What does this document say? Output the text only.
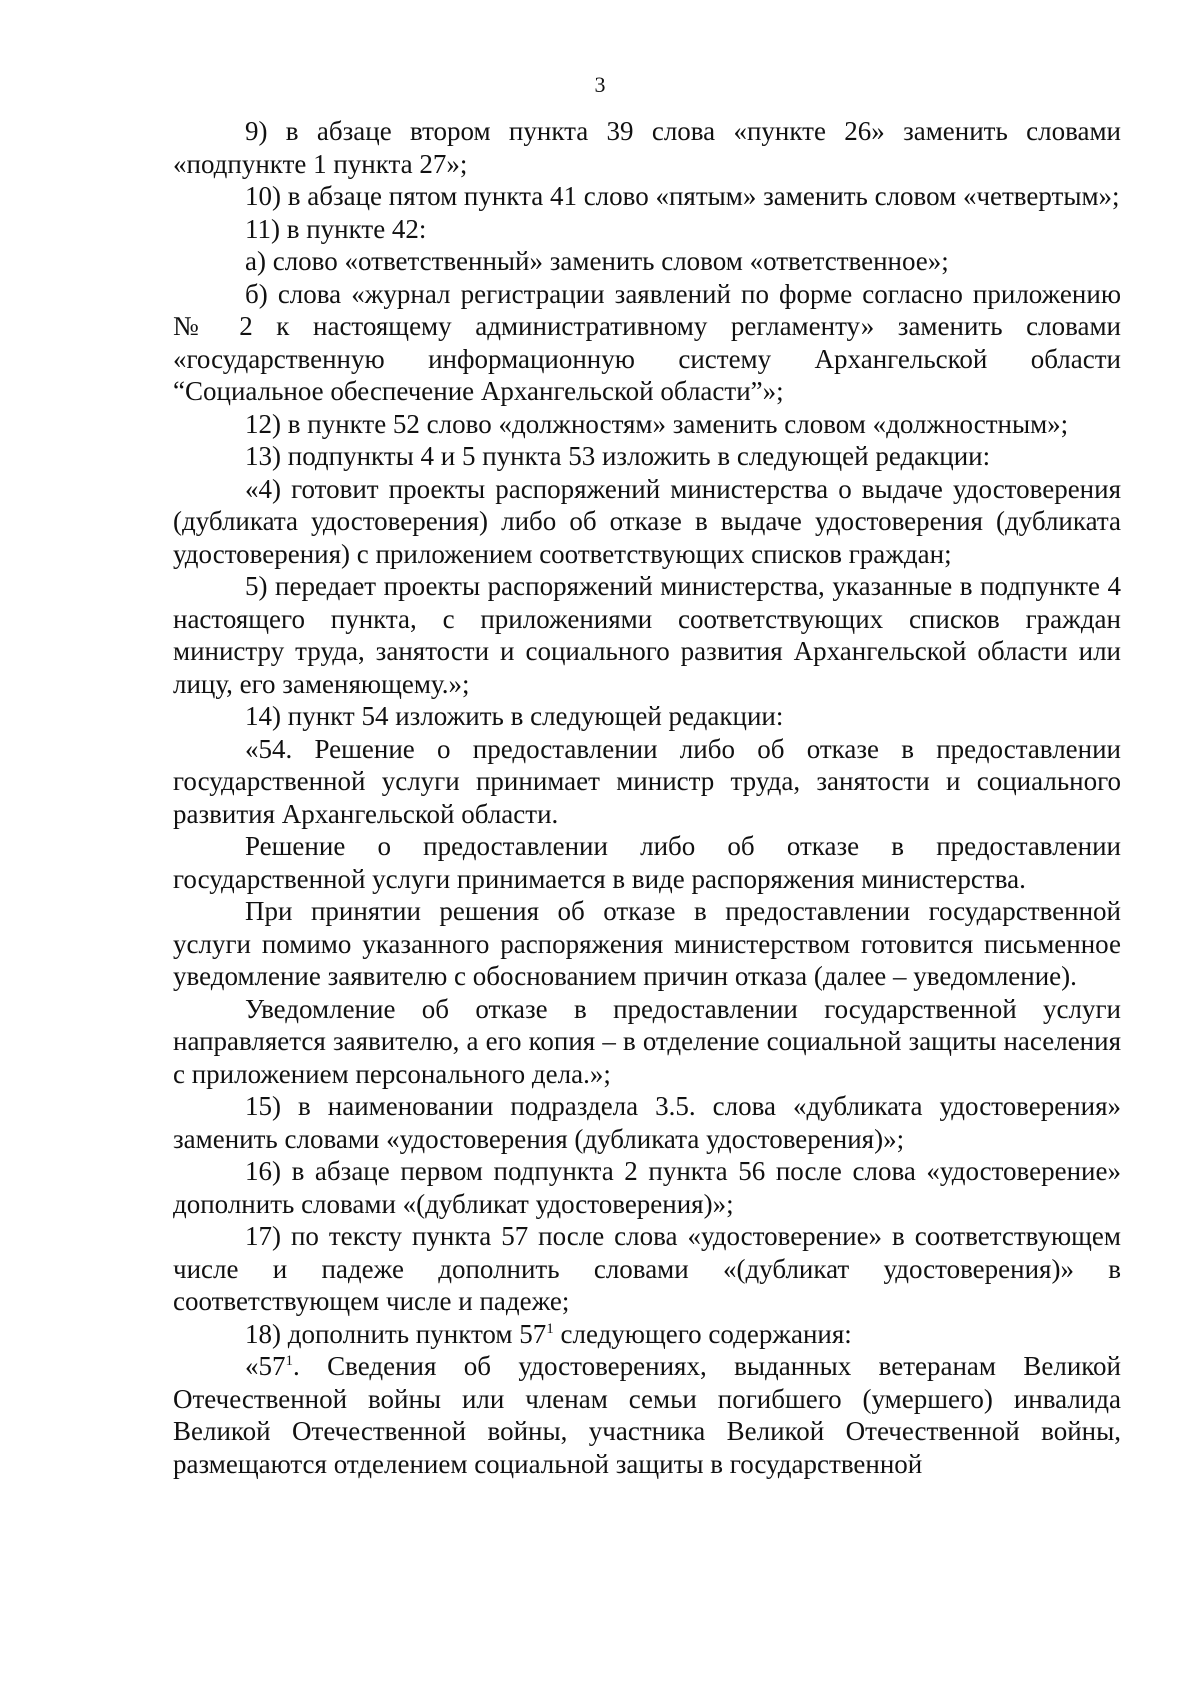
3

9) в абзаце втором пункта 39 слова «пункте 26» заменить словами «подпункте 1 пункта 27»;

10) в абзаце пятом пункта 41 слово «пятым» заменить словом «четвертым»;

11) в пункте 42:

а) слово «ответственный» заменить словом «ответственное»;

б) слова «журнал регистрации заявлений по форме согласно приложению № 2 к настоящему административному регламенту» заменить словами «государственную информационную систему Архангельской области “Социальное обеспечение Архангельской области”»;

12) в пункте 52 слово «должностям» заменить словом «должностным»;

13) подпункты 4 и 5 пункта 53 изложить в следующей редакции:

«4) готовит проекты распоряжений министерства о выдаче удостоверения (дубликата удостоверения) либо об отказе в выдаче удостоверения (дубликата удостоверения) с приложением соответствующих списков граждан;

5) передает проекты распоряжений министерства, указанные в подпункте 4 настоящего пункта, с приложениями соответствующих списков граждан министру труда, занятости и социального развития Архангельской области или лицу, его заменяющему.»;

14) пункт 54 изложить в следующей редакции:

«54. Решение о предоставлении либо об отказе в предоставлении государственной услуги принимает министр труда, занятости и социального развития Архангельской области.

Решение о предоставлении либо об отказе в предоставлении государственной услуги принимается в виде распоряжения министерства.

При принятии решения об отказе в предоставлении государственной услуги помимо указанного распоряжения министерством готовится письменное уведомление заявителю с обоснованием причин отказа (далее – уведомление).

Уведомление об отказе в предоставлении государственной услуги направляется заявителю, а его копия – в отделение социальной защиты населения с приложением персонального дела.»;

15) в наименовании подраздела 3.5. слова «дубликата удостоверения» заменить словами «удостоверения (дубликата удостоверения)»;

16) в абзаце первом подпункта 2 пункта 56 после слова «удостоверение» дополнить словами «(дубликат удостоверения)»;

17) по тексту пункта 57 после слова «удостоверение» в соответствующем числе и падеже дополнить словами «(дубликат удостоверения)» в соответствующем числе и падеже;

18) дополнить пунктом $57^1$ следующего содержания:

«$57^1$. Сведения об удостоверениях, выданных ветеранам Великой Отечественной войны или членам семьи погибшего (умершего) инвалида Великой Отечественной войны, участника Великой Отечественной войны, размещаются отделением социальной защиты в государственной
